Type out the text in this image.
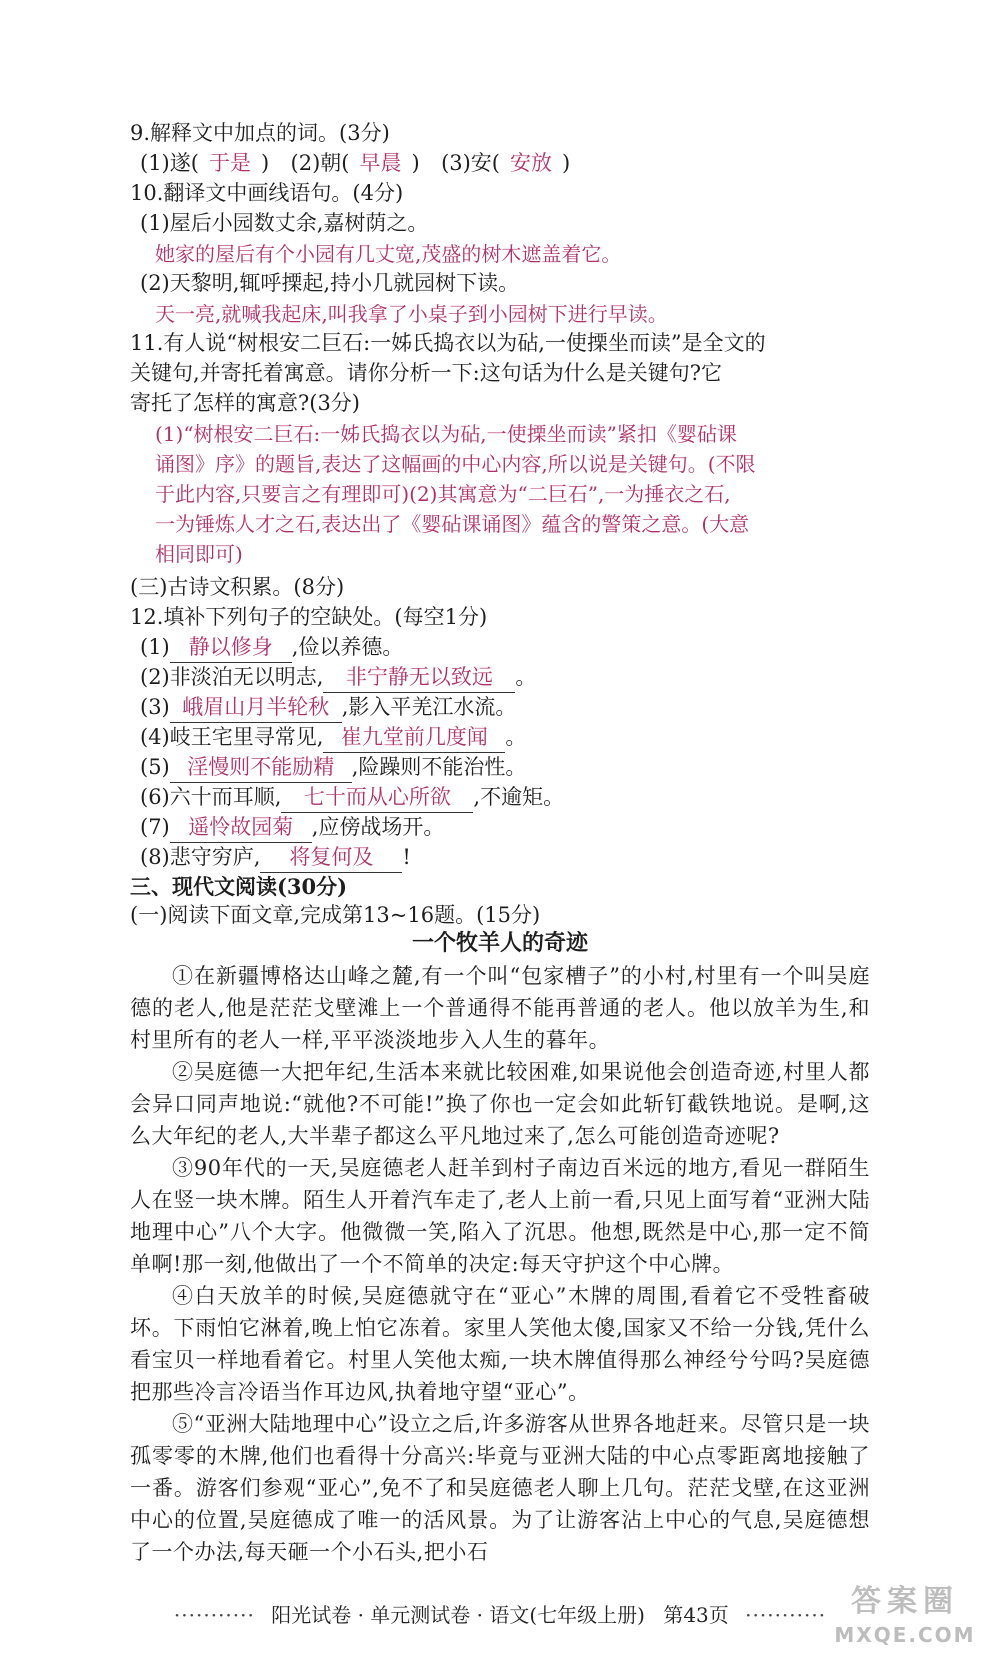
9.解释文中加点的词。(3分)
(1)遂( 于是 ) (2)朝( 早晨 ) (3)安( 安放 )
10.翻译文中画线语句。(4分)
(1)屋后小园数丈余,嘉树荫之。
她家的屋后有个小园有几丈宽,茂盛的树木遮盖着它。
(2)天黎明,辄呼搮起,持小几就园树下读。
天一亮,就喊我起床,叫我拿了小桌子到小园树下进行早读。
11.有人说“树根安二巨石:一姊氏捣衣以为砧,一使搮坐而读”是全文的
关键句,并寄托着寓意。请你分析一下:这句话为什么是关键句?它
寄托了怎样的寓意?(3分)
(1)“树根安二巨石:一姊氏捣衣以为砧,一使搮坐而读”紧扣《婴砧课
诵图》序》的题旨,表达了这幅画的中心内容,所以说是关键句。(不限
于此内容,只要言之有理即可)(2)其寓意为“二巨石”,一为捶衣之石,
一为锤炼人才之石,表达出了《婴砧课诵图》蕴含的警策之意。(大意
相同即可)
(三)古诗文积累。(8分)
12.填补下列句子的空缺处。(每空1分)
(1) 静以修身 ,俭以养德。
(2)非淡泊无以明志, 非宁静无以致远 。
(3) 峨眉山月半轮秋 ,影入平羌江水流。
(4)岐王宅里寻常见, 崔九堂前几度闻 。
(5) 淫慢则不能励精 ,险躁则不能治性。
(6)六十而耳顺, 七十而从心所欲 ,不逾矩。
(7) 遥怜故园菊 ,应傍战场开。
(8)悲守穷庐, 将复何及 !
三、现代文阅读(30分)
(一)阅读下面文章,完成第13~16题。(15分)
一个牧羊人的奇迹
①在新疆博格达山峰之麓,有一个叫“包家槽子”的小村,村里有一个叫吴庭德的老人,他是茫茫戈壁滩上一个普通得不能再普通的老人。他以放羊为生,和村里所有的老人一样,平平淡淡地步入人生的暮年。
②吴庭德一大把年纪,生活本来就比较困难,如果说他会创造奇迹,村里人都会异口同声地说:“就他?不可能!”换了你也一定会如此斩钉截铁地说。是啊,这么大年纪的老人,大半辈子都这么平凡地过来了,怎么可能创造奇迹呢?
③90年代的一天,吴庭德老人赶羊到村子南边百米远的地方,看见一群陌生人在竖一块木牌。陌生人开着汽车走了,老人上前一看,只见上面写着“亚洲大陆地理中心”八个大字。他微微一笑,陷入了沉思。他想,既然是中心,那一定不简单啊!那一刻,他做出了一个不简单的决定:每天守护这个中心牌。
④白天放羊的时候,吴庭德就守在“亚心”木牌的周围,看着它不受牲畜破坏。下雨怕它淋着,晚上怕它冻着。家里人笑他太傻,国家又不给一分钱,凭什么看宝贝一样地看着它。村里人笑他太痴,一块木牌值得那么神经兮兮吗?吴庭德把那些冷言冷语当作耳边风,执着地守望“亚心”。
⑤“亚洲大陆地理中心”设立之后,许多游客从世界各地赶来。尽管只是一块孤零零的木牌,他们也看得十分高兴:毕竟与亚洲大陆的中心点零距离地接触了一番。游客们参观“亚心”,免不了和吴庭德老人聊上几句。茫茫戈壁,在这亚洲中心的位置,吴庭德成了唯一的活风景。为了让游客沾上中心的气息,吴庭德想了一个办法,每天砸一个小石头,把小石
··········· 阳光试卷 · 单元测试卷 · 语文(七年级上册) 第43页 ··········· 答案圈
MXQE.COM
